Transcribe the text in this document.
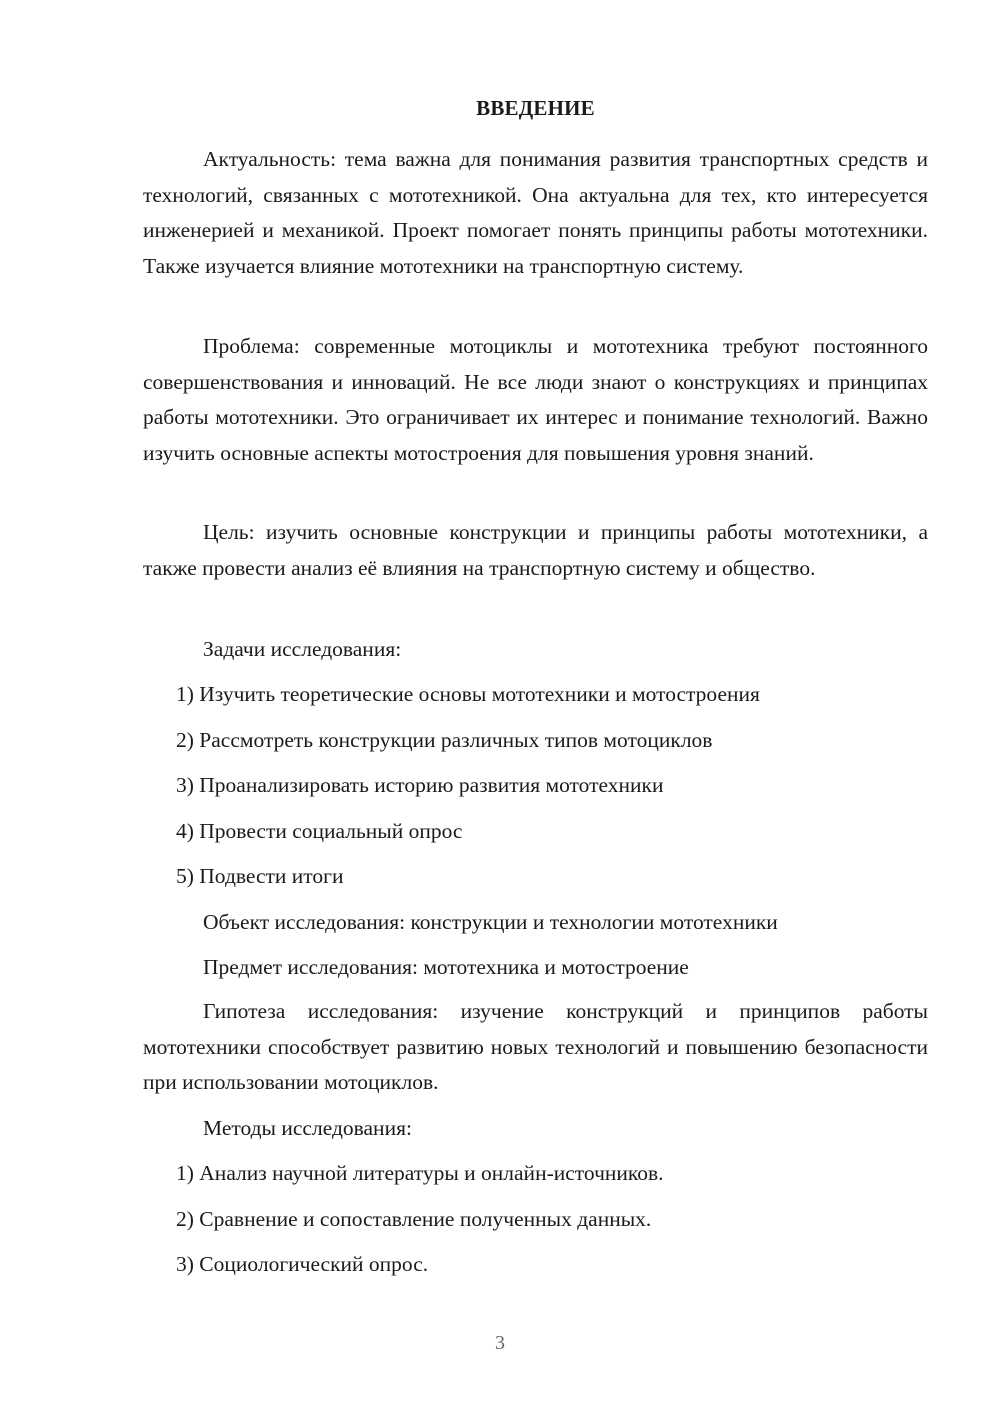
ВВЕДЕНИЕ

Актуальность: тема важна для понимания развития транспортных средств и технологий, связанных с мототехникой. Она актуальна для тех, кто интересуется инженерией и механикой. Проект помогает понять принципы работы мототехники. Также изучается влияние мототехники на транспортную систему.

Проблема: современные мотоциклы и мототехника требуют постоянного совершенствования и инноваций. Не все люди знают о конструкциях и принципах работы мототехники. Это ограничивает их интерес и понимание технологий. Важно изучить основные аспекты мотостроения для повышения уровня знаний.

Цель: изучить основные конструкции и принципы работы мототехники, а также провести анализ её влияния на транспортную систему и общество.

Задачи исследования:

1) Изучить теоретические основы мототехники и мотостроения

2) Рассмотреть конструкции различных типов мотоциклов

3) Проанализировать историю развития мототехники

4) Провести социальный опрос

5) Подвести итоги

Объект исследования: конструкции и технологии мототехники

Предмет исследования: мототехника и мотостроение

Гипотеза исследования: изучение конструкций и принципов работы мототехники способствует развитию новых технологий и повышению безопасности при использовании мотоциклов.

Методы исследования:

1) Анализ научной литературы и онлайн-источников.

2) Сравнение и сопоставление полученных данных.

3) Социологический опрос.

3
